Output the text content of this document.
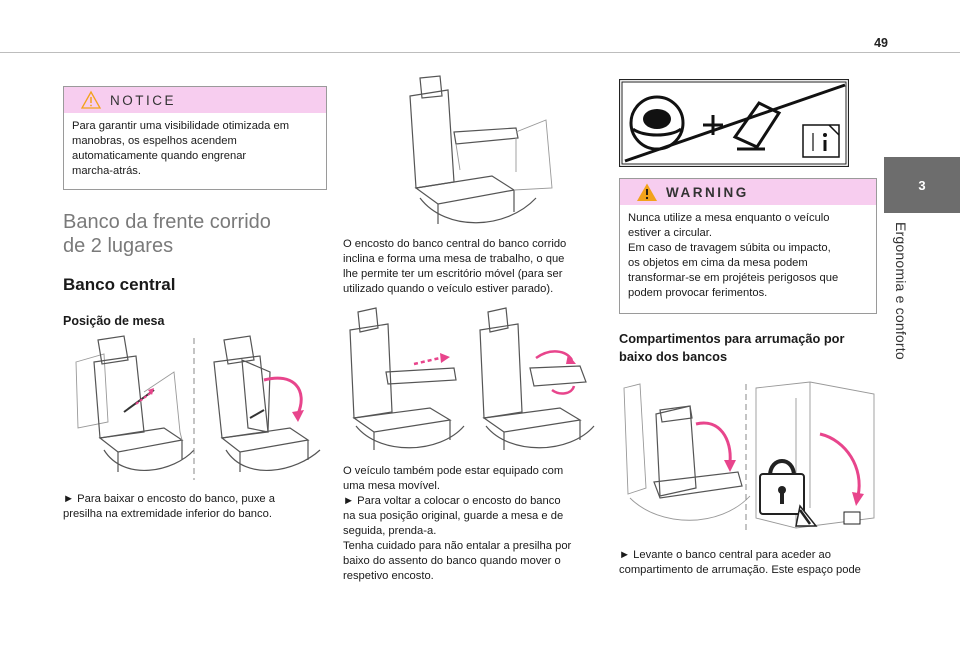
49
3
Ergonomia e conforto
NOTICE
Para garantir uma visibilidade otimizada em
manobras, os espelhos acendem
automaticamente quando engrenar
marcha-atrás.
Banco da frente corrido
de 2 lugares
Banco central
Posição de mesa
► Para baixar o encosto do banco, puxe a
presilha na extremidade inferior do banco.
O encosto do banco central do banco corrido
inclina e forma uma mesa de trabalho, o que
lhe permite ter um escritório móvel (para ser
utilizado quando o veículo estiver parado).
O veículo também pode estar equipado com
uma mesa movível.
► Para voltar a colocar o encosto do banco
na sua posição original, guarde a mesa e de
seguida, prenda-a.
Tenha cuidado para não entalar a presilha por
baixo do assento do banco quando mover o
respetivo encosto.
WARNING
Nunca utilize a mesa enquanto o veículo
estiver a circular.
Em caso de travagem súbita ou impacto,
os objetos em cima da mesa podem
transformar-se em projéteis perigosos que
podem provocar ferimentos.
Compartimentos para arrumação por
baixo dos bancos
► Levante o banco central para aceder ao
compartimento de arrumação. Este espaço pode
